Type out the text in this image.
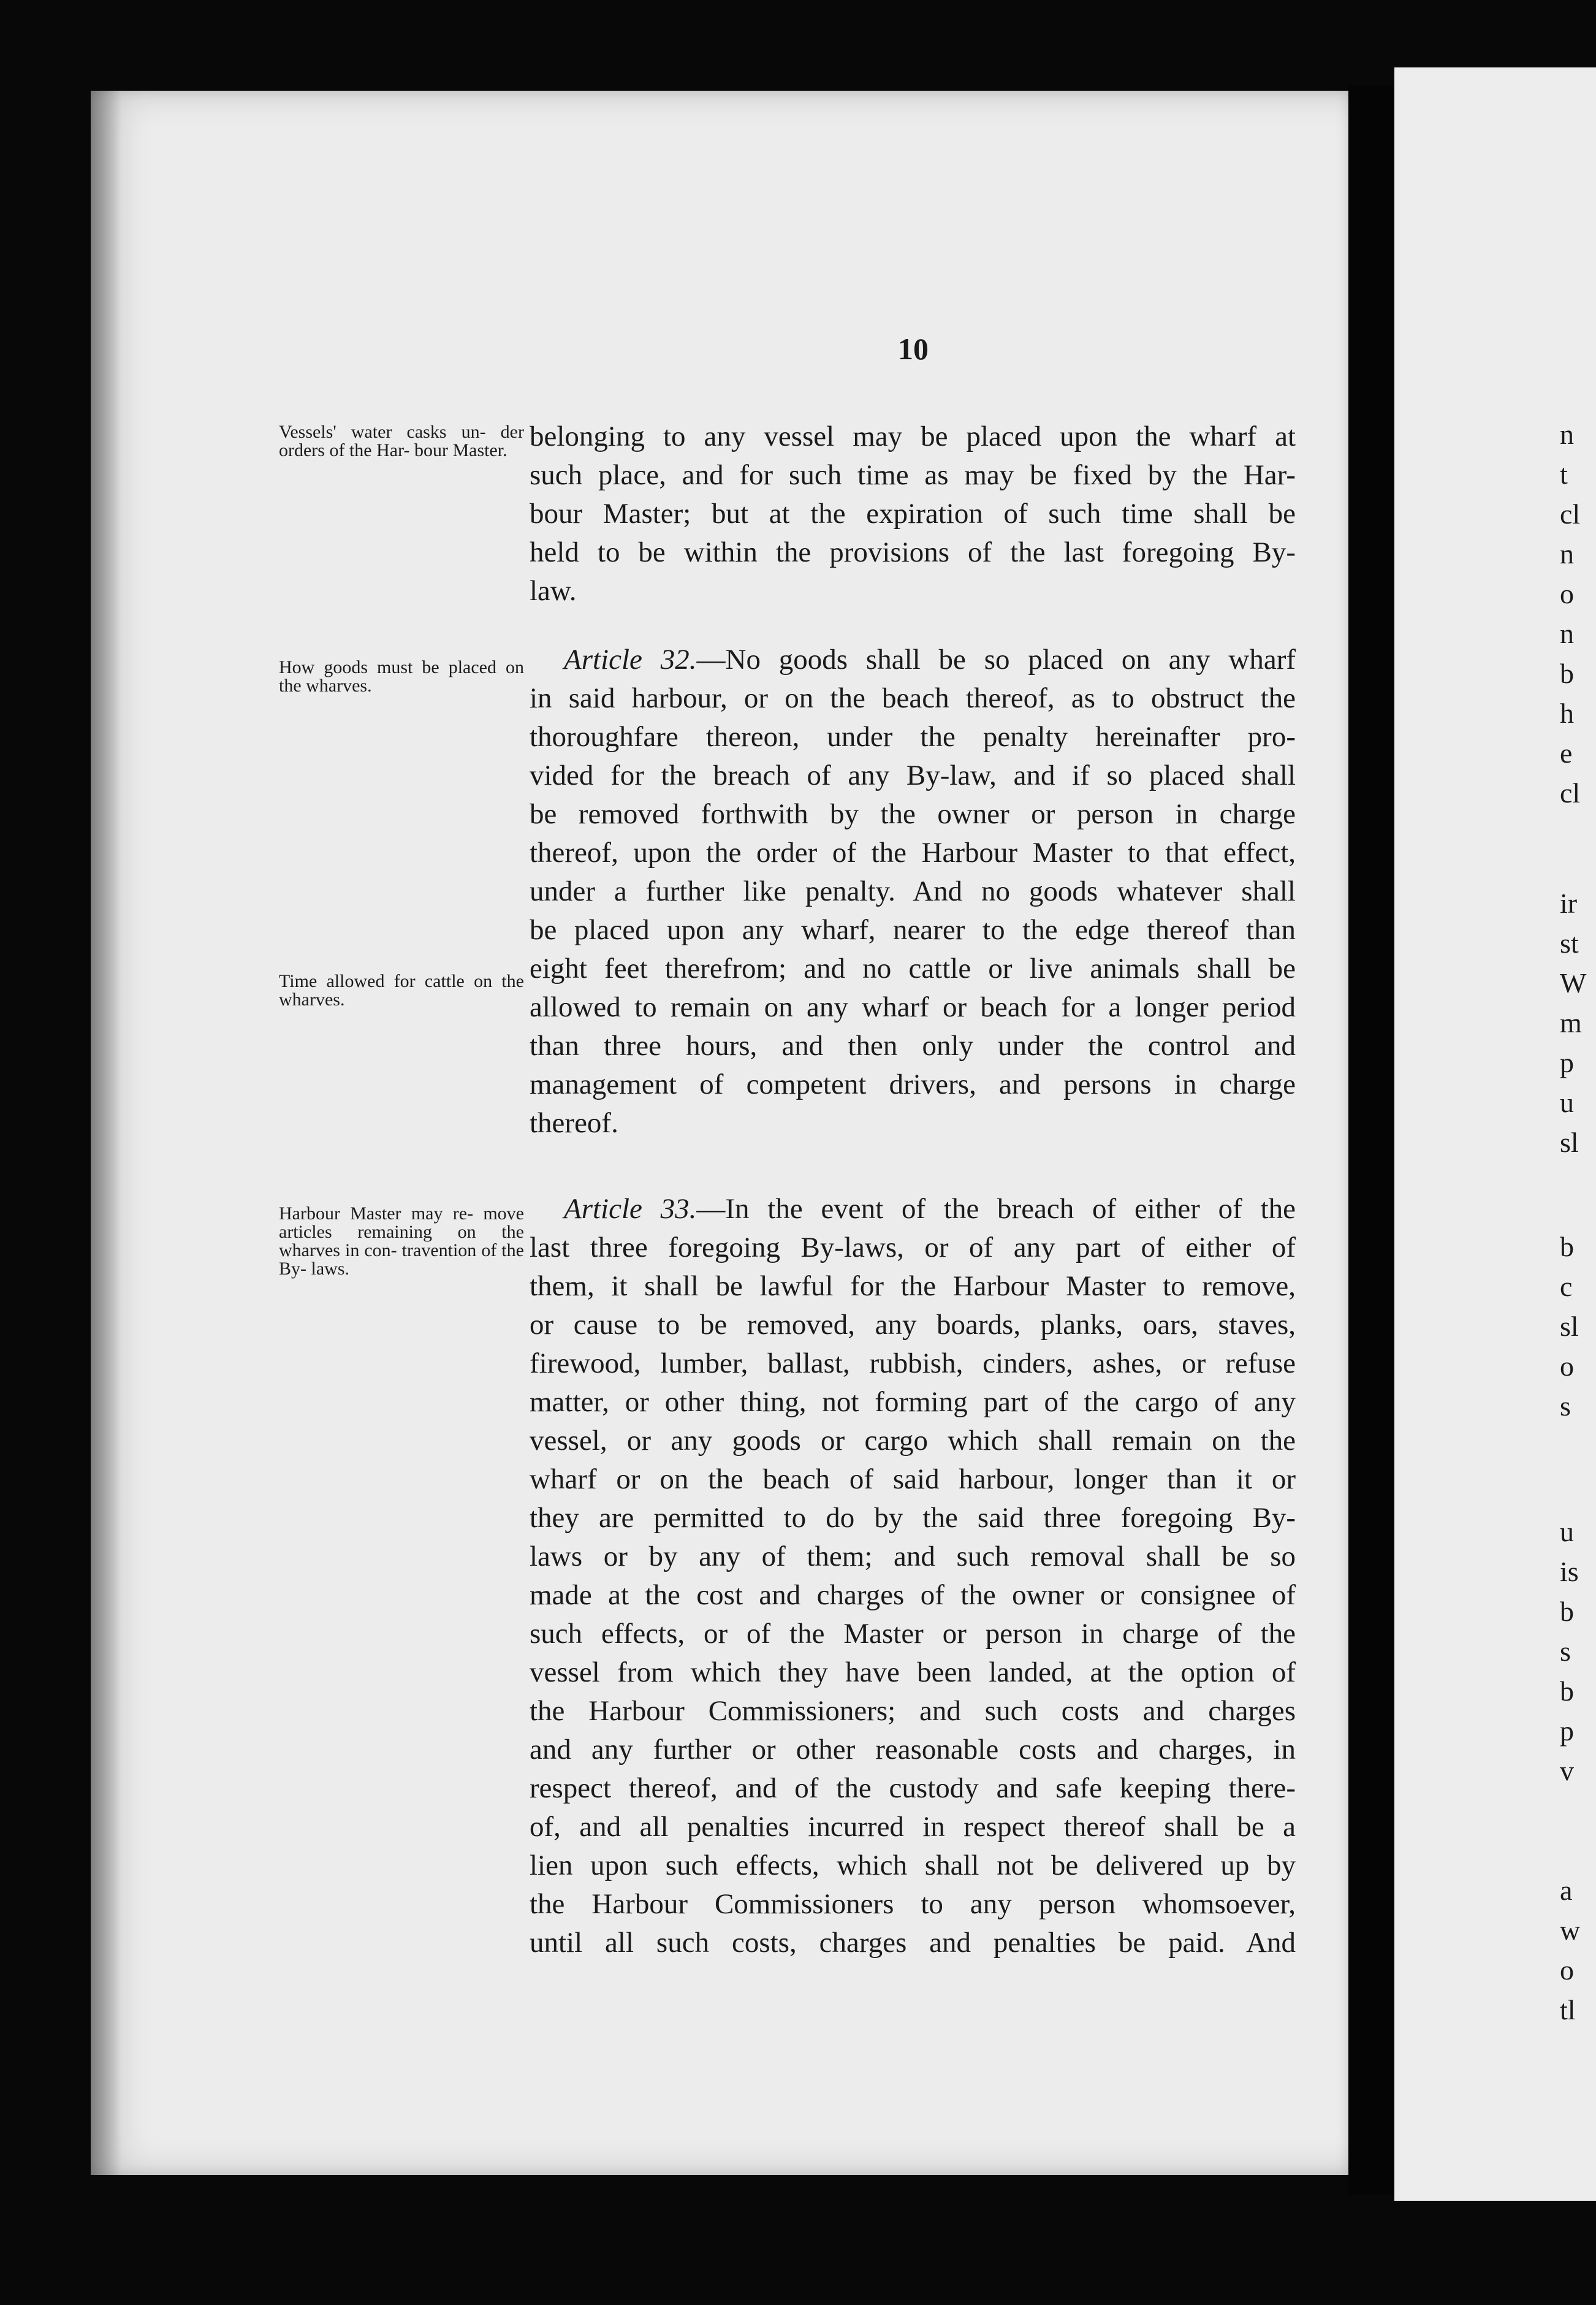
n
t
cl
n
o
n
b
h
e
cl
ir
st
W
m
p
u
sl
b
c
sl
o
s
u
is
b
s
b
p
v
a
w
o
tl
10
Vessels' water casks un- der orders of the Har- bour Master.
How goods must be placed on the wharves.
Time allowed for cattle on the wharves.
Harbour Master may re- move articles remaining on the wharves in con- travention of the By- laws.
belonging to any vessel may be placed upon the wharf at
such place, and for such time as may be fixed by the Har-
bour Master; but at the expiration of such time shall be
held to be within the provisions of the last foregoing By-
law.
Article 32.—No goods shall be so placed on any wharf
in said harbour, or on the beach thereof, as to obstruct the
thoroughfare thereon, under the penalty hereinafter pro-
vided for the breach of any By-law, and if so placed shall
be removed forthwith by the owner or person in charge
thereof, upon the order of the Harbour Master to that effect,
under a further like penalty. And no goods whatever shall
be placed upon any wharf, nearer to the edge thereof than
eight feet therefrom; and no cattle or live animals shall be
allowed to remain on any wharf or beach for a longer period
than three hours, and then only under the control and
management of competent drivers, and persons in charge
thereof.
Article 33.—In the event of the breach of either of the
last three foregoing By-laws, or of any part of either of
them, it shall be lawful for the Harbour Master to remove,
or cause to be removed, any boards, planks, oars, staves,
firewood, lumber, ballast, rubbish, cinders, ashes, or refuse
matter, or other thing, not forming part of the cargo of any
vessel, or any goods or cargo which shall remain on the
wharf or on the beach of said harbour, longer than it or
they are permitted to do by the said three foregoing By-
laws or by any of them; and such removal shall be so
made at the cost and charges of the owner or consignee of
such effects, or of the Master or person in charge of the
vessel from which they have been landed, at the option of
the Harbour Commissioners; and such costs and charges
and any further or other reasonable costs and charges, in
respect thereof, and of the custody and safe keeping there-
of, and all penalties incurred in respect thereof shall be a
lien upon such effects, which shall not be delivered up by
the Harbour Commissioners to any person whomsoever,
until all such costs, charges and penalties be paid. And
